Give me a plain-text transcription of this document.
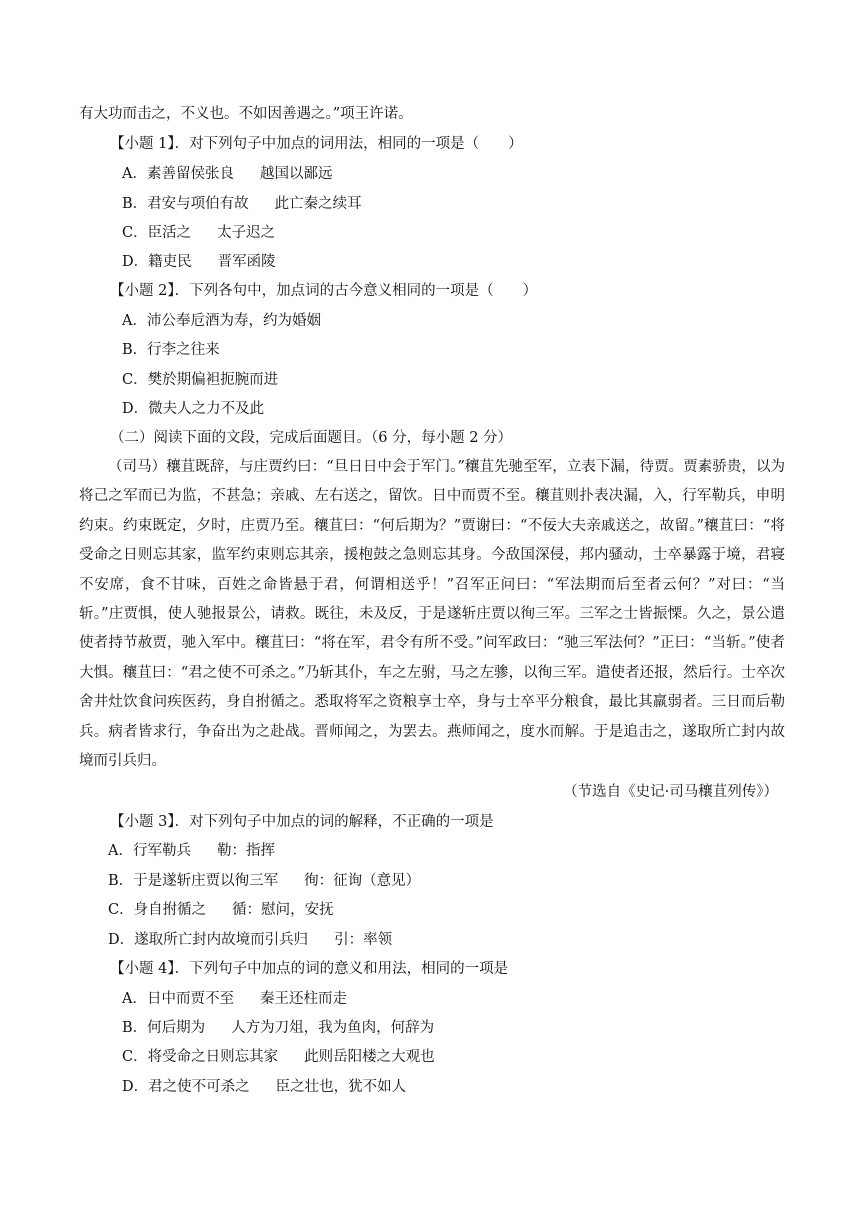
有大功而击之，不义也。不如因善遇之。”项王许诺。
【小题 1】．对下列句子中加点的词用法，相同的一项是（　　）
A．素善留侯张良 越国以鄙远
B．君安与项伯有故 此亡秦之续耳
C．臣活之 太子迟之
D．籍吏民 晋军函陵
【小题 2】．下列各句中，加点词的古今意义相同的一项是（　　）
A．沛公奉卮酒为寿，约为婚姻
B．行李之往来
C．樊於期偏袒扼腕而进
D．微夫人之力不及此
（二）阅读下面的文段，完成后面题目。（6 分，每小题 2 分）
（司马）穰苴既辞，与庄贾约曰：“旦日日中会于军门。”穰苴先驰至军，立表下漏，待贾。贾素骄贵，以为将己之军而已为监，不甚急；亲戚、左右送之，留饮。日中而贾不至。穰苴则扑表决漏，入，行军勒兵，申明约束。约束既定，夕时，庄贾乃至。穰苴曰：“何后期为？”贾谢曰：“不佞大夫亲戚送之，故留。”穰苴曰：“将受命之日则忘其家，监军约束则忘其亲，援枹鼓之急则忘其身。今敌国深侵，邦内骚动，士卒暴露于境，君寝不安席，食不甘味，百姓之命皆悬于君，何谓相送乎！”召军正问曰：“军法期而后至者云何？”对曰：“当斩。”庄贾惧，使人驰报景公，请救。既往，未及反，于是遂斩庄贾以徇三军。三军之士皆振慄。久之，景公遣使者持节赦贾，驰入军中。穰苴曰：“将在军，君令有所不受。”问军政曰：“驰三军法何？”正曰：“当斩。”使者大惧。穰苴曰：“君之使不可杀之。”乃斩其仆，车之左驸，马之左骖，以徇三军。遣使者还报，然后行。士卒次舍井灶饮食问疾医药，身自拊循之。悉取将军之资粮享士卒，身与士卒平分粮食，最比其羸弱者。三日而后勒兵。病者皆求行，争奋出为之赴战。晋师闻之，为罢去。燕师闻之，度水而解。于是追击之，遂取所亡封内故境而引兵归。
（节选自《史记·司马穰苴列传》）
【小题 3】．对下列句子中加点的词的解释，不正确的一项是
A．行军勒兵 勒：指挥
B．于是遂斩庄贾以徇三军 徇：征询（意见）
C．身自拊循之 循：慰问，安抚
D．遂取所亡封内故境而引兵归 引：率领
【小题 4】．下列句子中加点的词的意义和用法，相同的一项是
A．日中而贾不至 秦王还柱而走
B．何后期为 人方为刀俎，我为鱼肉，何辞为
C．将受命之日则忘其家 此则岳阳楼之大观也
D．君之使不可杀之 臣之壮也，犹不如人
